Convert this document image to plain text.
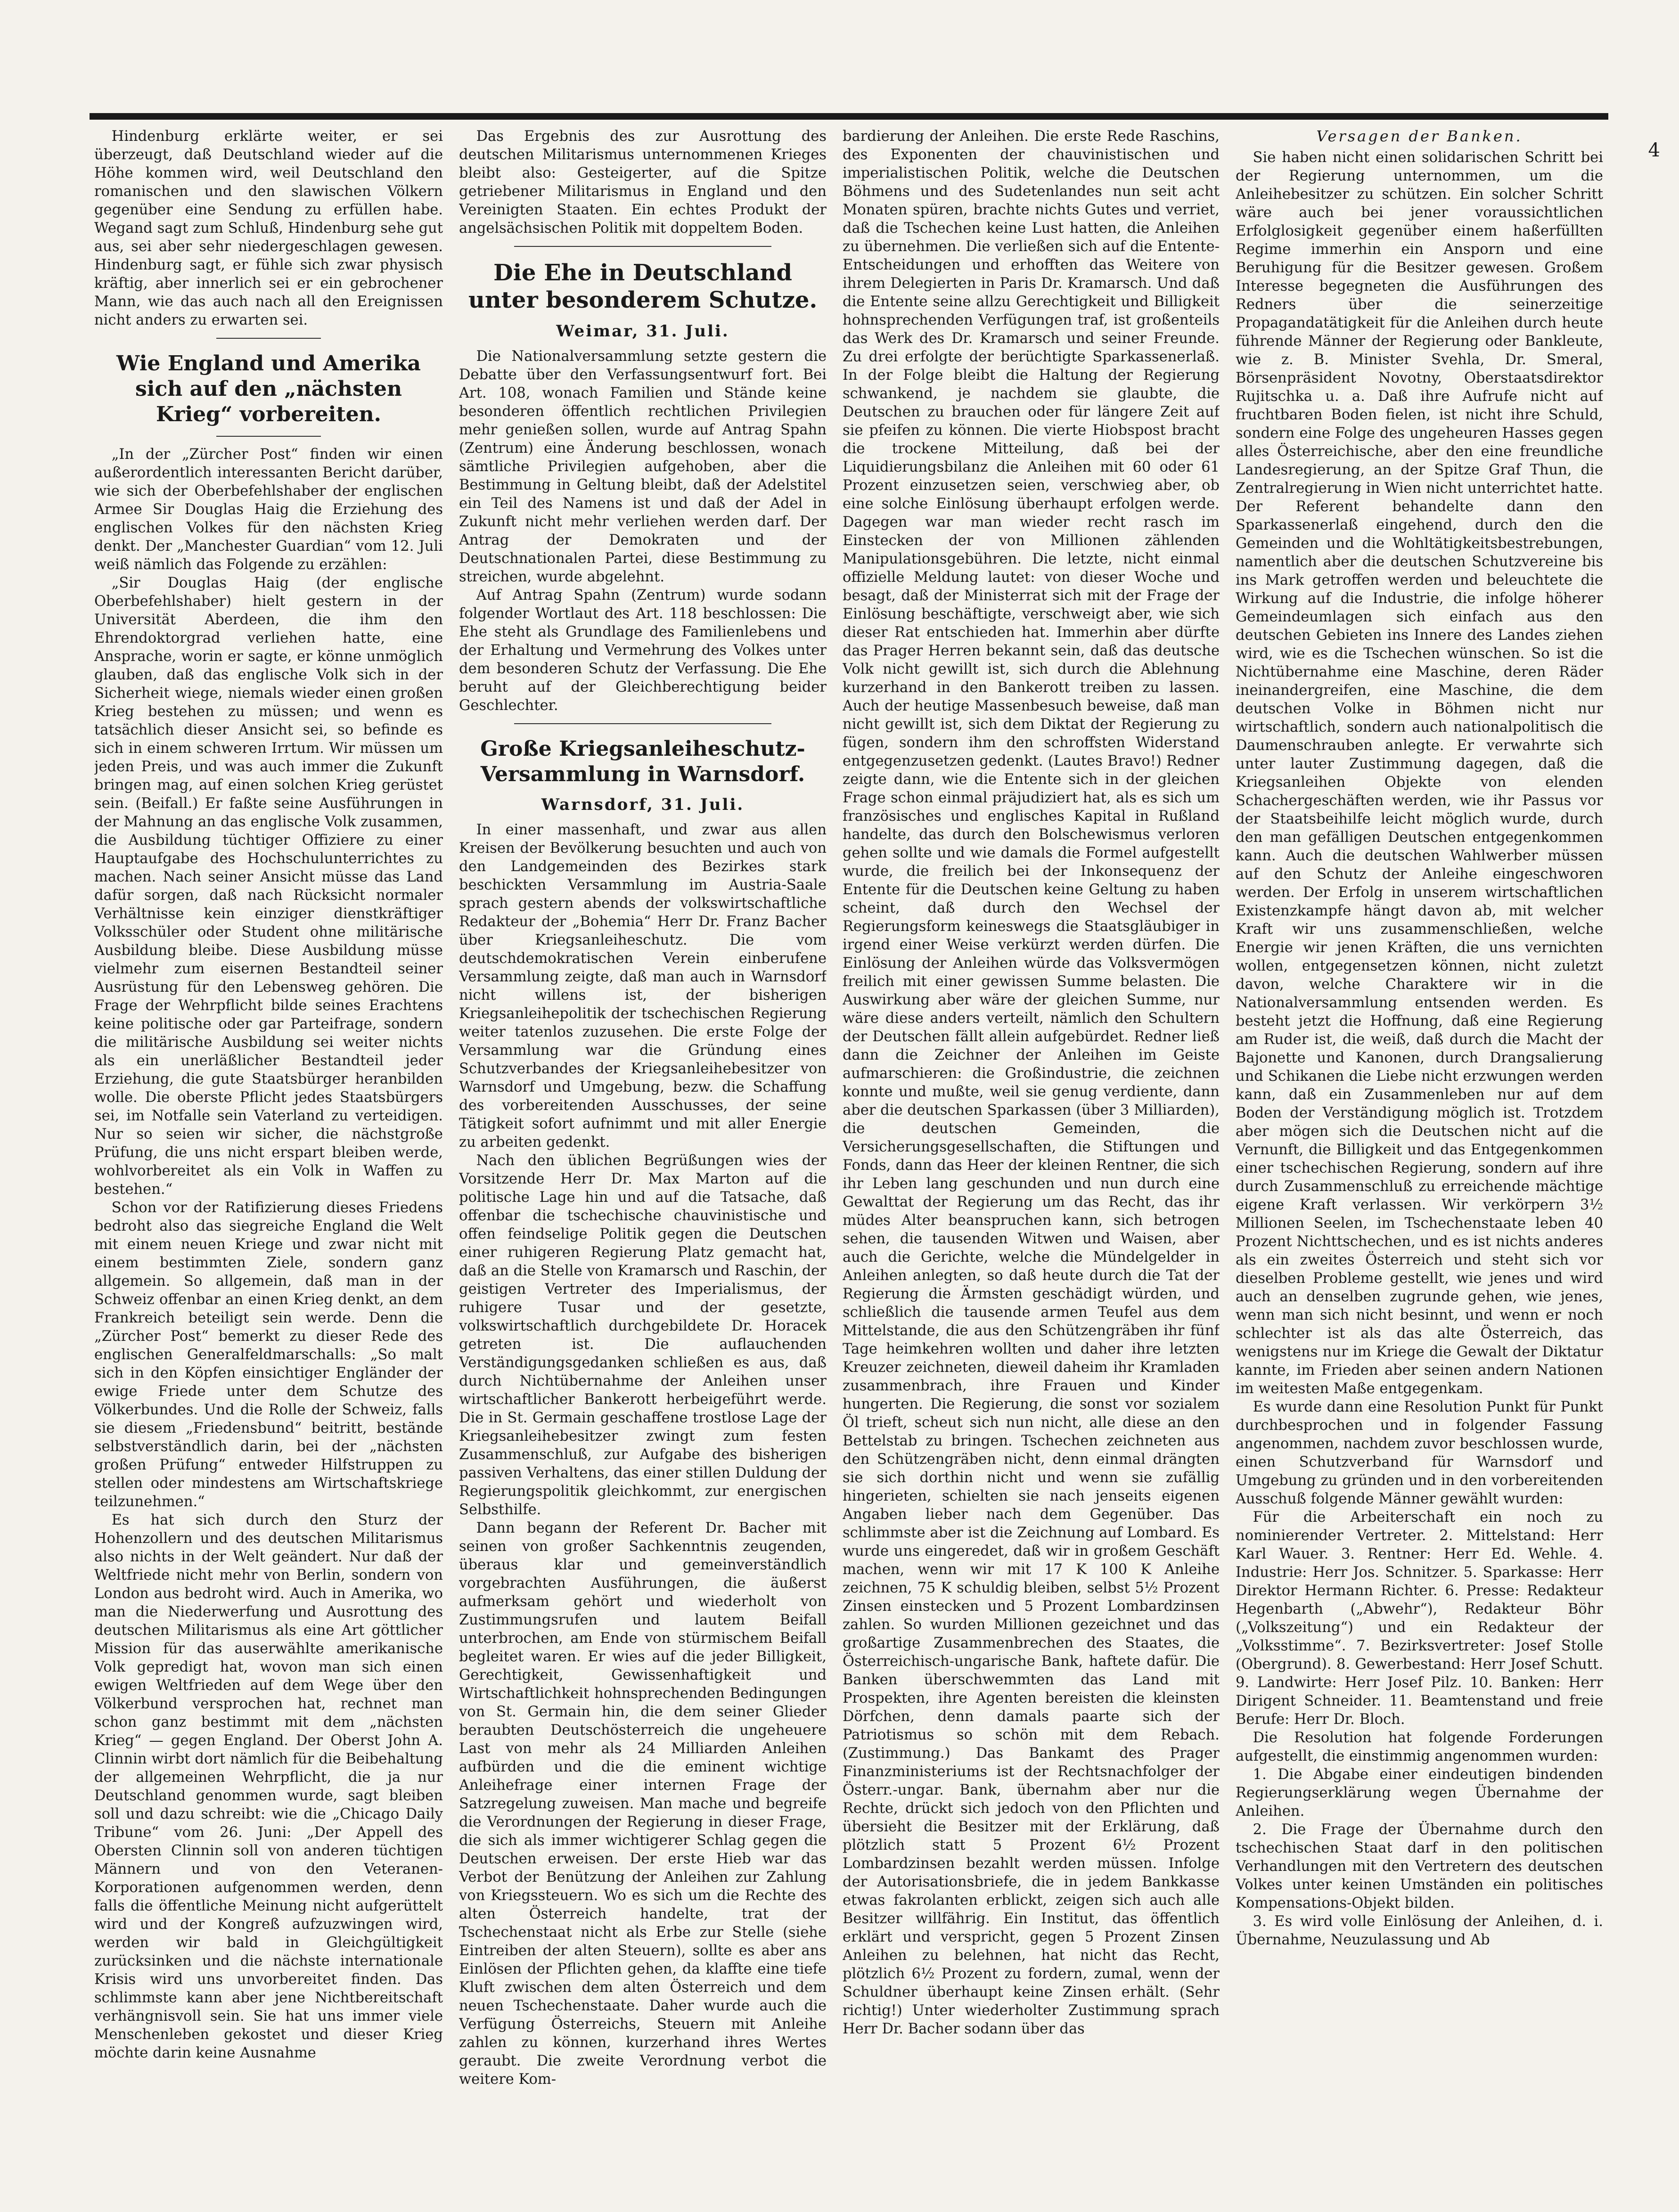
4

Hindenburg erklärte weiter, er sei überzeugt, daß Deutschland wieder auf die Höhe kommen wird, weil Deutschland den romanischen und den slawischen Völkern gegenüber eine Sendung zu erfüllen habe. Wegand sagt zum Schluß, Hindenburg sehe gut aus, sei aber sehr niedergeschlagen gewesen. Hindenburg sagt, er fühle sich zwar physisch kräftig, aber innerlich sei er ein gebrochener Mann, wie das auch nach all den Ereignissen nicht anders zu erwarten sei.

Wie England und Amerika sich auf den „nächsten Krieg“ vorbereiten.

„In der „Zürcher Post“ finden wir einen außerordentlich interessanten Bericht darüber, wie sich der Oberbefehlshaber der englischen Armee Sir Douglas Haig die Erziehung des englischen Volkes für den nächsten Krieg denkt. Der „Manchester Guardian“ vom 12. Juli weiß nämlich das Folgende zu erzählen:

„Sir Douglas Haig (der englische Oberbefehlshaber) hielt gestern in der Universität Aberdeen, die ihm den Ehrendoktorgrad verliehen hatte, eine Ansprache, worin er sagte, er könne unmöglich glauben, daß das englische Volk sich in der Sicherheit wiege, niemals wieder einen großen Krieg bestehen zu müssen; und wenn es tatsächlich dieser Ansicht sei, so befinde es sich in einem schweren Irrtum. Wir müssen um jeden Preis, und was auch immer die Zukunft bringen mag, auf einen solchen Krieg gerüstet sein. (Beifall.) Er faßte seine Ausführungen in der Mahnung an das englische Volk zusammen, die Ausbildung tüchtiger Offiziere zu einer Hauptaufgabe des Hochschulunterrichtes zu machen. Nach seiner Ansicht müsse das Land dafür sorgen, daß nach Rücksicht normaler Verhältnisse kein einziger dienstkräftiger Volksschüler oder Student ohne militärische Ausbildung bleibe. Diese Ausbildung müsse vielmehr zum eisernen Bestandteil seiner Ausrüstung für den Lebensweg gehören. Die Frage der Wehrpflicht bilde seines Erachtens keine politische oder gar Parteifrage, sondern die militärische Ausbildung sei weiter nichts als ein unerläßlicher Bestandteil jeder Erziehung, die gute Staatsbürger heranbilden wolle. Die oberste Pflicht jedes Staatsbürgers sei, im Notfalle sein Vaterland zu verteidigen. Nur so seien wir sicher, die nächstgroße Prüfung, die uns nicht erspart bleiben werde, wohlvorbereitet als ein Volk in Waffen zu bestehen.“

Schon vor der Ratifizierung dieses Friedens bedroht also das siegreiche England die Welt mit einem neuen Kriege und zwar nicht mit einem bestimmten Ziele, sondern ganz allgemein. So allgemein, daß man in der Schweiz offenbar an einen Krieg denkt, an dem Frankreich beteiligt sein werde. Denn die „Zürcher Post“ bemerkt zu dieser Rede des englischen Generalfeldmarschalls: „So malt sich in den Köpfen einsichtiger Engländer der ewige Friede unter dem Schutze des Völkerbundes. Und die Rolle der Schweiz, falls sie diesem „Friedensbund“ beitritt, bestände selbstverständlich darin, bei der „nächsten großen Prüfung“ entweder Hilfstruppen zu stellen oder mindestens am Wirtschaftskriege teilzunehmen.“

Es hat sich durch den Sturz der Hohenzollern und des deutschen Militarismus also nichts in der Welt geändert. Nur daß der Weltfriede nicht mehr von Berlin, sondern von London aus bedroht wird. Auch in Amerika, wo man die Niederwerfung und Ausrottung des deutschen Militarismus als eine Art göttlicher Mission für das auserwählte amerikanische Volk gepredigt hat, wovon man sich einen ewigen Weltfrieden auf dem Wege über den Völkerbund versprochen hat, rechnet man schon ganz bestimmt mit dem „nächsten Krieg“ — gegen England. Der Oberst John A. Clinnin wirbt dort nämlich für die Beibehaltung der allgemeinen Wehrpflicht, die ja nur Deutschland genommen wurde, sagt bleiben soll und dazu schreibt: wie die „Chicago Daily Tribune“ vom 26. Juni: „Der Appell des Obersten Clinnin soll von anderen tüchtigen Männern und von den Veteranen-Korporationen aufgenommen werden, denn falls die öffentliche Meinung nicht aufgerüttelt wird und der Kongreß aufzuzwingen wird, werden wir bald in Gleichgültigkeit zurücksinken und die nächste internationale Krisis wird uns unvorbereitet finden. Das schlimmste kann aber jene Nichtbereitschaft verhängnisvoll sein. Sie hat uns immer viele Menschenleben gekostet und dieser Krieg möchte darin keine Ausnahme

Das Ergebnis des zur Ausrottung des deutschen Militarismus unternommenen Krieges bleibt also: Gesteigerter, auf die Spitze getriebener Militarismus in England und den Vereinigten Staaten. Ein echtes Produkt der angelsächsischen Politik mit doppeltem Boden.

Die Ehe in Deutschland unter besonderem Schutze.
Weimar, 31. Juli.

Die Nationalversammlung setzte gestern die Debatte über den Verfassungsentwurf fort. Bei Art. 108, wonach Familien und Stände keine besonderen öffentlich rechtlichen Privilegien mehr genießen sollen, wurde auf Antrag Spahn (Zentrum) eine Änderung beschlossen, wonach sämtliche Privilegien aufgehoben, aber die Bestimmung in Geltung bleibt, daß der Adelstitel ein Teil des Namens ist und daß der Adel in Zukunft nicht mehr verliehen werden darf. Der Antrag der Demokraten und der Deutschnationalen Partei, diese Bestimmung zu streichen, wurde abgelehnt.

Auf Antrag Spahn (Zentrum) wurde sodann folgender Wortlaut des Art. 118 beschlossen: Die Ehe steht als Grundlage des Familienlebens und der Erhaltung und Vermehrung des Volkes unter dem besonderen Schutz der Verfassung. Die Ehe beruht auf der Gleichberechtigung beider Geschlechter.

Große Kriegsanleiheschutz-Versammlung in Warnsdorf.
Warnsdorf, 31. Juli.

In einer massenhaft, und zwar aus allen Kreisen der Bevölkerung besuchten und auch von den Landgemeinden des Bezirkes stark beschickten Versammlung im Austria-Saale sprach gestern abends der volkswirtschaftliche Redakteur der „Bohemia“ Herr Dr. Franz Bacher über Kriegsanleiheschutz. Die vom deutschdemokratischen Verein einberufene Versammlung zeigte, daß man auch in Warnsdorf nicht willens ist, der bisherigen Kriegsanleihepolitik der tschechischen Regierung weiter tatenlos zuzusehen. Die erste Folge der Versammlung war die Gründung eines Schutzverbandes der Kriegsanleihebesitzer von Warnsdorf und Umgebung, bezw. die Schaffung des vorbereitenden Ausschusses, der seine Tätigkeit sofort aufnimmt und mit aller Energie zu arbeiten gedenkt.

Nach den üblichen Begrüßungen wies der Vorsitzende Herr Dr. Max Marton auf die politische Lage hin und auf die Tatsache, daß offenbar die tschechische chauvinistische und offen feindselige Politik gegen die Deutschen einer ruhigeren Regierung Platz gemacht hat, daß an die Stelle von Kramarsch und Raschin, der geistigen Vertreter des Imperialismus, der ruhigere Tusar und der gesetzte, volkswirtschaftlich durchgebildete Dr. Horacek getreten ist. Die auflauchenden Verständigungsgedanken schließen es aus, daß durch Nichtübernahme der Anleihen unser wirtschaftlicher Bankerott herbeigeführt werde. Die in St. Germain geschaffene trostlose Lage der Kriegsanleihebesitzer zwingt zum festen Zusammenschluß, zur Aufgabe des bisherigen passiven Verhaltens, das einer stillen Duldung der Regierungspolitik gleichkommt, zur energischen Selbsthilfe.

Dann begann der Referent Dr. Bacher mit seinen von großer Sachkenntnis zeugenden, überaus klar und gemeinverständlich vorgebrachten Ausführungen, die äußerst aufmerksam gehört und wiederholt von Zustimmungsrufen und lautem Beifall unterbrochen, am Ende von stürmischem Beifall begleitet waren. Er wies auf die jeder Billigkeit, Gerechtigkeit, Gewissenhaftigkeit und Wirtschaftlichkeit hohnsprechenden Bedingungen von St. Germain hin, die dem seiner Glieder beraubten Deutschösterreich die ungeheuere Last von mehr als 24 Milliarden Anleihen aufbürden und die die eminent wichtige Anleihefrage einer internen Frage der Satzregelung zuweisen. Man mache und begreife die Verordnungen der Regierung in dieser Frage, die sich als immer wichtigerer Schlag gegen die Deutschen erweisen. Der erste Hieb war das Verbot der Benützung der Anleihen zur Zahlung von Kriegssteuern. Wo es sich um die Rechte des alten Österreich handelte, trat der Tschechenstaat nicht als Erbe zur Stelle (siehe Eintreiben der alten Steuern), sollte es aber ans Einlösen der Pflichten gehen, da klaffte eine tiefe Kluft zwischen dem alten Österreich und dem neuen Tschechenstaate. Daher wurde auch die Verfügung Österreichs, Steuern mit Anleihe zahlen zu können, kurzerhand ihres Wertes geraubt. Die zweite Verordnung verbot die weitere Kom-

bardierung der Anleihen. Die erste Rede Raschins, des Exponenten der chauvinistischen und imperialistischen Politik, welche die Deutschen Böhmens und des Sudetenlandes nun seit acht Monaten spüren, brachte nichts Gutes und verriet, daß die Tschechen keine Lust hatten, die Anleihen zu übernehmen. Die verließen sich auf die Entente-Entscheidungen und erhofften das Weitere von ihrem Delegierten in Paris Dr. Kramarsch. Und daß die Entente seine allzu Gerechtigkeit und Billigkeit hohnsprechenden Verfügungen traf, ist großenteils das Werk des Dr. Kramarsch und seiner Freunde. Zu drei erfolgte der berüchtigte Sparkassenerlaß. In der Folge bleibt die Haltung der Regierung schwankend, je nachdem sie glaubte, die Deutschen zu brauchen oder für längere Zeit auf sie pfeifen zu können. Die vierte Hiobspost bracht die trockene Mitteilung, daß bei der Liquidierungsbilanz die Anleihen mit 60 oder 61 Prozent einzusetzen seien, verschwieg aber, ob eine solche Einlösung überhaupt erfolgen werde. Dagegen war man wieder recht rasch im Einstecken der von Millionen zählenden Manipulationsgebühren. Die letzte, nicht einmal offizielle Meldung lautet: von dieser Woche und besagt, daß der Ministerrat sich mit der Frage der Einlösung beschäftigte, verschweigt aber, wie sich dieser Rat entschieden hat. Immerhin aber dürfte das Prager Herren bekannt sein, daß das deutsche Volk nicht gewillt ist, sich durch die Ablehnung kurzerhand in den Bankerott treiben zu lassen. Auch der heutige Massenbesuch beweise, daß man nicht gewillt ist, sich dem Diktat der Regierung zu fügen, sondern ihm den schroffsten Widerstand entgegenzusetzen gedenkt. (Lautes Bravo!) Redner zeigte dann, wie die Entente sich in der gleichen Frage schon einmal präjudiziert hat, als es sich um französisches und englisches Kapital in Rußland handelte, das durch den Bolschewismus verloren gehen sollte und wie damals die Formel aufgestellt wurde, die freilich bei der Inkonsequenz der Entente für die Deutschen keine Geltung zu haben scheint, daß durch den Wechsel der Regierungsform keineswegs die Staatsgläubiger in irgend einer Weise verkürzt werden dürfen. Die Einlösung der Anleihen würde das Volksvermögen freilich mit einer gewissen Summe belasten. Die Auswirkung aber wäre der gleichen Summe, nur wäre diese anders verteilt, nämlich den Schultern der Deutschen fällt allein aufgebürdet. Redner ließ dann die Zeichner der Anleihen im Geiste aufmarschieren: die Großindustrie, die zeichnen konnte und mußte, weil sie genug verdiente, dann aber die deutschen Sparkassen (über 3 Milliarden), die deutschen Gemeinden, die Versicherungsgesellschaften, die Stiftungen und Fonds, dann das Heer der kleinen Rentner, die sich ihr Leben lang geschunden und nun durch eine Gewalttat der Regierung um das Recht, das ihr müdes Alter beanspruchen kann, sich betrogen sehen, die tausenden Witwen und Waisen, aber auch die Gerichte, welche die Mündelgelder in Anleihen anlegten, so daß heute durch die Tat der Regierung die Ärmsten geschädigt würden, und schließlich die tausende armen Teufel aus dem Mittelstande, die aus den Schützengräben ihr fünf Tage heimkehren wollten und daher ihre letzten Kreuzer zeichneten, dieweil daheim ihr Kramladen zusammenbrach, ihre Frauen und Kinder hungerten. Die Regierung, die sonst vor sozialem Öl trieft, scheut sich nun nicht, alle diese an den Bettelstab zu bringen. Tschechen zeichneten aus den Schützengräben nicht, denn einmal drängten sie sich dorthin nicht und wenn sie zufällig hingerieten, schielten sie nach jenseits eigenen Angaben lieber nach dem Gegenüber. Das schlimmste aber ist die Zeichnung auf Lombard. Es wurde uns eingeredet, daß wir in großem Geschäft machen, wenn wir mit 17 K 100 K Anleihe zeichnen, 75 K schuldig bleiben, selbst 5½ Prozent Zinsen einstecken und 5 Prozent Lombardzinsen zahlen. So wurden Millionen gezeichnet und das großartige Zusammenbrechen des Staates, die Österreichisch-ungarische Bank, haftete dafür. Die Banken überschwemmten das Land mit Prospekten, ihre Agenten bereisten die kleinsten Dörfchen, denn damals paarte sich der Patriotismus so schön mit dem Rebach. (Zustimmung.) Das Bankamt des Prager Finanzministeriums ist der Rechtsnachfolger der Österr.-ungar. Bank, übernahm aber nur die Rechte, drückt sich jedoch von den Pflichten und übersieht die Besitzer mit der Erklärung, daß plötzlich statt 5 Prozent 6½ Prozent Lombardzinsen bezahlt werden müssen. Infolge der Autorisationsbriefe, die in jedem Bankkasse etwas fakrolanten erblickt, zeigen sich auch alle Besitzer willfährig. Ein Institut, das öffentlich erklärt und verspricht, gegen 5 Prozent Zinsen Anleihen zu belehnen, hat nicht das Recht, plötzlich 6½ Prozent zu fordern, zumal, wenn der Schuldner überhaupt keine Zinsen erhält. (Sehr richtig!) Unter wiederholter Zustimmung sprach Herr Dr. Bacher sodann über das

Versagen der Banken.

Sie haben nicht einen solidarischen Schritt bei der Regierung unternommen, um die Anleihebesitzer zu schützen. Ein solcher Schritt wäre auch bei jener voraussichtlichen Erfolglosigkeit gegenüber einem haßerfüllten Regime immerhin ein Ansporn und eine Beruhigung für die Besitzer gewesen. Großem Interesse begegneten die Ausführungen des Redners über die seinerzeitige Propagandatätigkeit für die Anleihen durch heute führende Männer der Regierung oder Bankleute, wie z. B. Minister Svehla, Dr. Smeral, Börsenpräsident Novotny, Oberstaatsdirektor Rujitschka u. a. Daß ihre Aufrufe nicht auf fruchtbaren Boden fielen, ist nicht ihre Schuld, sondern eine Folge des ungeheuren Hasses gegen alles Österreichische, aber den eine freundliche Landesregierung, an der Spitze Graf Thun, die Zentralregierung in Wien nicht unterrichtet hatte. Der Referent behandelte dann den Sparkassenerlaß eingehend, durch den die Gemeinden und die Wohltätigkeitsbestrebungen, namentlich aber die deutschen Schutzvereine bis ins Mark getroffen werden und beleuchtete die Wirkung auf die Industrie, die infolge höherer Gemeindeumlagen sich einfach aus den deutschen Gebieten ins Innere des Landes ziehen wird, wie es die Tschechen wünschen. So ist die Nichtübernahme eine Maschine, deren Räder ineinandergreifen, eine Maschine, die dem deutschen Volke in Böhmen nicht nur wirtschaftlich, sondern auch nationalpolitisch die Daumenschrauben anlegte. Er verwahrte sich unter lauter Zustimmung dagegen, daß die Kriegsanleihen Objekte von elenden Schachergeschäften werden, wie ihr Passus vor der Staatsbeihilfe leicht möglich wurde, durch den man gefälligen Deutschen entgegenkommen kann. Auch die deutschen Wahlwerber müssen auf den Schutz der Anleihe eingeschworen werden. Der Erfolg in unserem wirtschaftlichen Existenzkampfe hängt davon ab, mit welcher Kraft wir uns zusammenschließen, welche Energie wir jenen Kräften, die uns vernichten wollen, entgegensetzen können, nicht zuletzt davon, welche Charaktere wir in die Nationalversammlung entsenden werden. Es besteht jetzt die Hoffnung, daß eine Regierung am Ruder ist, die weiß, daß durch die Macht der Bajonette und Kanonen, durch Drangsalierung und Schikanen die Liebe nicht erzwungen werden kann, daß ein Zusammenleben nur auf dem Boden der Verständigung möglich ist. Trotzdem aber mögen sich die Deutschen nicht auf die Vernunft, die Billigkeit und das Entgegenkommen einer tschechischen Regierung, sondern auf ihre durch Zusammenschluß zu erreichende mächtige eigene Kraft verlassen. Wir verkörpern 3½ Millionen Seelen, im Tschechenstaate leben 40 Prozent Nichttschechen, und es ist nichts anderes als ein zweites Österreich und steht sich vor dieselben Probleme gestellt, wie jenes und wird auch an denselben zugrunde gehen, wie jenes, wenn man sich nicht besinnt, und wenn er noch schlechter ist als das alte Österreich, das wenigstens nur im Kriege die Gewalt der Diktatur kannte, im Frieden aber seinen andern Nationen im weitesten Maße entgegenkam.

Es wurde dann eine Resolution Punkt für Punkt durchbesprochen und in folgender Fassung angenommen, nachdem zuvor beschlossen wurde, einen Schutzverband für Warnsdorf und Umgebung zu gründen und in den vorbereitenden Ausschuß folgende Männer gewählt wurden:

Für die Arbeiterschaft ein noch zu nominierender Vertreter. 2. Mittelstand: Herr Karl Wauer. 3. Rentner: Herr Ed. Wehle. 4. Industrie: Herr Jos. Schnitzer. 5. Sparkasse: Herr Direktor Hermann Richter. 6. Presse: Redakteur Hegenbarth („Abwehr“), Redakteur Böhr („Volkszeitung“) und ein Redakteur der „Volksstimme“. 7. Bezirksvertreter: Josef Stolle (Obergrund). 8. Gewerbestand: Herr Josef Schutt. 9. Landwirte: Herr Josef Pilz. 10. Banken: Herr Dirigent Schneider. 11. Beamtenstand und freie Berufe: Herr Dr. Bloch.

Die Resolution hat folgende Forderungen aufgestellt, die einstimmig angenommen wurden:

1. Die Abgabe einer eindeutigen bindenden Regierungserklärung wegen Übernahme der Anleihen.

2. Die Frage der Übernahme durch den tschechischen Staat darf in den politischen Verhandlungen mit den Vertretern des deutschen Volkes unter keinen Umständen ein politisches Kompensations-Objekt bilden.

3. Es wird volle Einlösung der Anleihen, d. i. Übernahme, Neuzulassung und Ab
